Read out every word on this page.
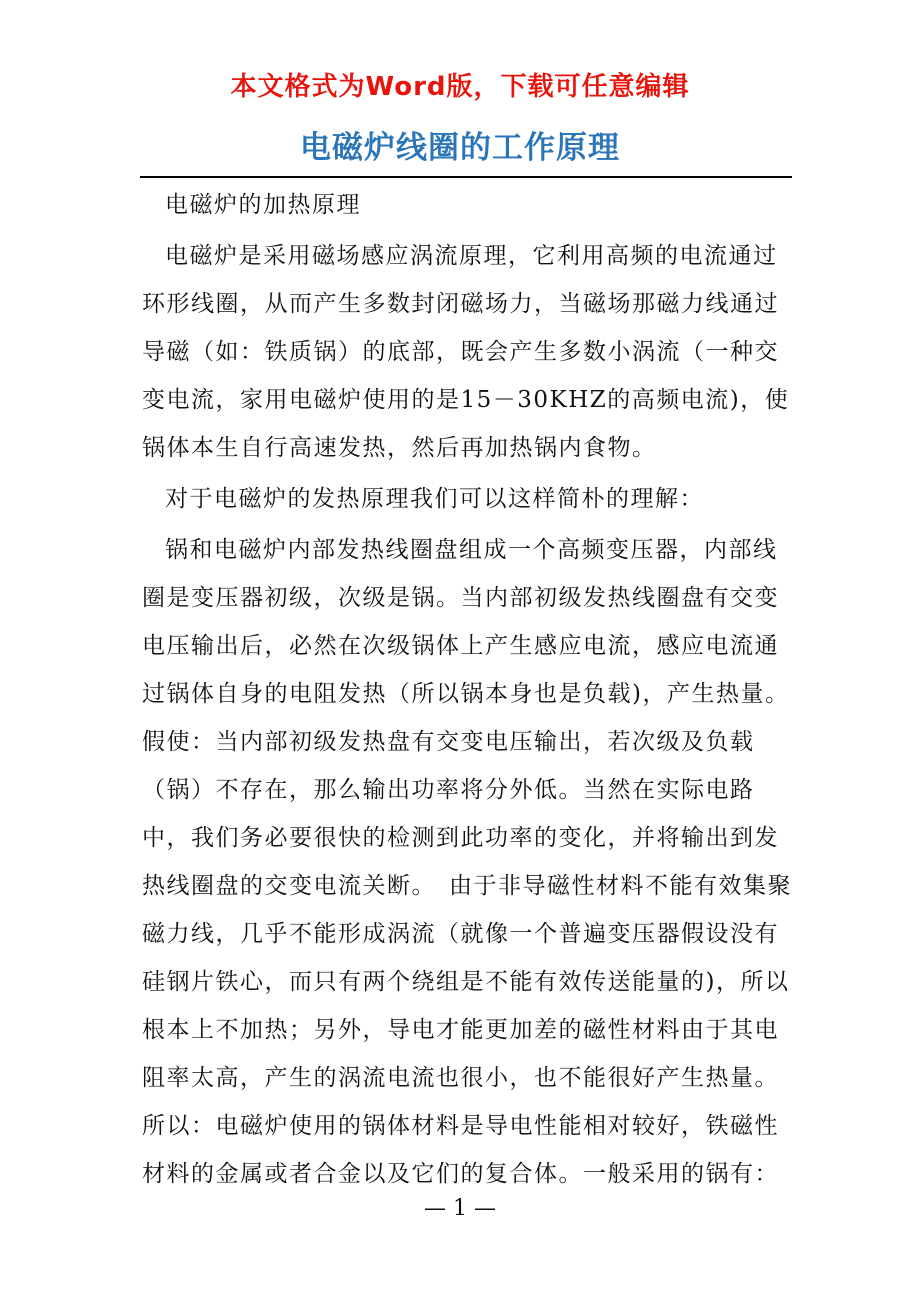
本文格式为Word版，下载可任意编辑
电磁炉线圈的工作原理

电磁炉的加热原理

电磁炉是采用磁场感应涡流原理，它利用高频的电流通过环形线圈，从而产生多数封闭磁场力，当磁场那磁力线通过导磁（如：铁质锅）的底部，既会产生多数小涡流（一种交变电流，家用电磁炉使用的是15－30KHZ的高频电流)，使锅体本生自行高速发热，然后再加热锅内食物。

对于电磁炉的发热原理我们可以这样简朴的理解：

锅和电磁炉内部发热线圈盘组成一个高频变压器，内部线圈是变压器初级，次级是锅。当内部初级发热线圈盘有交变电压输出后，必然在次级锅体上产生感应电流，感应电流通过锅体自身的电阻发热（所以锅本身也是负载)，产生热量。假使：当内部初级发热盘有交变电压输出，若次级及负载（锅）不存在，那么输出功率将分外低。当然在实际电路中，我们务必要很快的检测到此功率的变化，并将输出到发热线圈盘的交变电流关断。　由于非导磁性材料不能有效集聚磁力线，几乎不能形成涡流（就像一个普遍变压器假设没有硅钢片铁心，而只有两个绕组是不能有效传送能量的)，所以根本上不加热；另外，导电才能更加差的磁性材料由于其电阻率太高，产生的涡流电流也很小，也不能很好产生热量。所以：电磁炉使用的锅体材料是导电性能相对较好，铁磁性材料的金属或者合金以及它们的复合体。一般采用的锅有：

— 1 —
